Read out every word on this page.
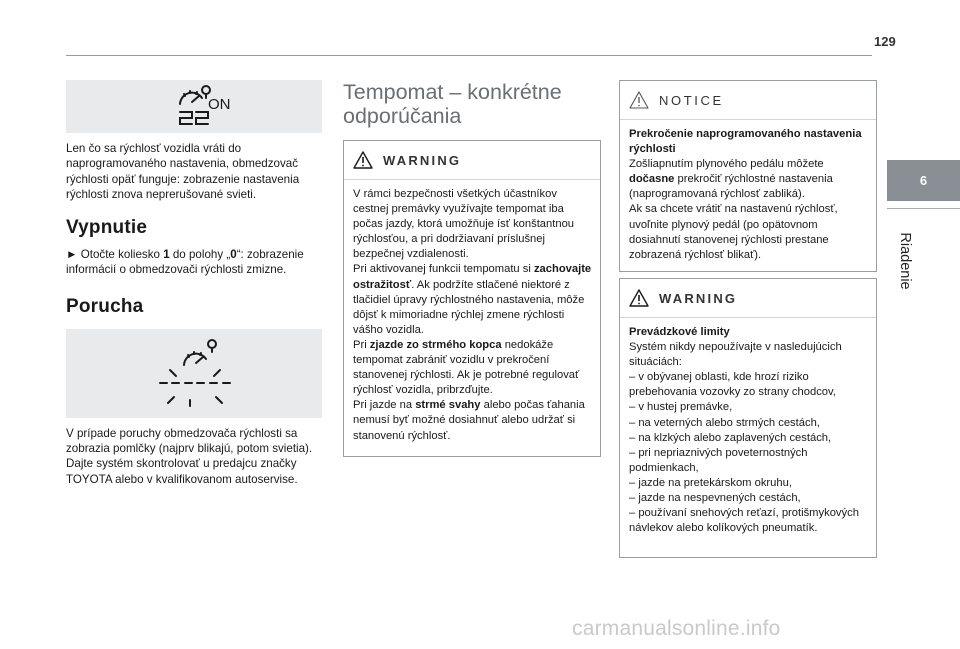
129
6
Riadenie
ON

Len čo sa rýchlosť vozidla vráti do naprogramovaného nastavenia, obmedzovač rýchlosti opäť funguje: zobrazenie nastavenia rýchlosti znova neprerušované svieti.

Vypnutie

► Otočte koliesko 1 do polohy „0“: zobrazenie informácií o obmedzovači rýchlosti zmizne.

Porucha

V prípade poruchy obmedzovača rýchlosti sa zobrazia pomlčky (najprv blikajú, potom svietia). Dajte systém skontrolovať u predajcu značky TOYOTA alebo v kvalifikovanom autoservise.

Tempomat – konkrétne
odporúčania
WARNING

V rámci bezpečnosti všetkých účastníkov cestnej premávky využívajte tempomat iba počas jazdy, ktorá umožňuje ísť konštantnou rýchlosťou, a pri dodržiavaní príslušnej bezpečnej vzdialenosti.

Pri aktivovanej funkcii tempomatu si zachovajte ostražitosť. Ak podržíte stlačené niektoré z tlačidiel úpravy rýchlostného nastavenia, môže dôjsť k mimoriadne rýchlej zmene rýchlosti vášho vozidla.

Pri zjazde zo strmého kopca nedokáže tempomat zabrániť vozidlu v prekročení stanovenej rýchlosti. Ak je potrebné regulovať rýchlosť vozidla, pribrzďujte.

Pri jazde na strmé svahy alebo počas ťahania nemusí byť možné dosiahnuť alebo udržať si stanovenú rýchlosť.

NOTICE

Prekročenie naprogramovaného nastavenia rýchlosti

Zošliapnutím plynového pedálu môžete dočasne prekročiť rýchlostné nastavenia (naprogramovaná rýchlosť zabliká).

Ak sa chcete vrátiť na nastavenú rýchlosť, uvoľnite plynový pedál (po opätovnom dosiahnutí stanovenej rýchlosti prestane zobrazená rýchlosť blikať).

WARNING

Prevádzkové limity

Systém nikdy nepoužívajte v nasledujúcich situáciách:

– v obývanej oblasti, kde hrozí riziko prebehovania vozovky zo strany chodcov,

– v hustej premávke,

– na veterných alebo strmých cestách,

– na klzkých alebo zaplavených cestách,

– pri nepriaznivých poveternostných podmienkach,

– jazde na pretekárskom okruhu,

– jazde na nespevnených cestách,

– používaní snehových reťazí, protišmykových návlekov alebo kolíkových pneumatík.

carmanualsonline.info
